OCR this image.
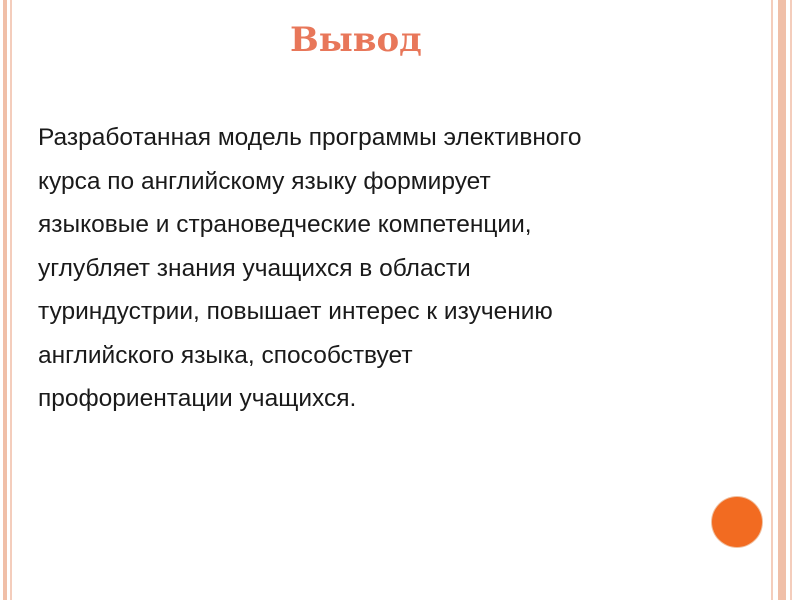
Вывод
Разработанная модель программы элективного
курса по английскому языку формирует
языковые и страноведческие компетенции,
углубляет знания учащихся в области
туриндустрии, повышает интерес к изучению
английского языка, способствует
профориентации учащихся.
